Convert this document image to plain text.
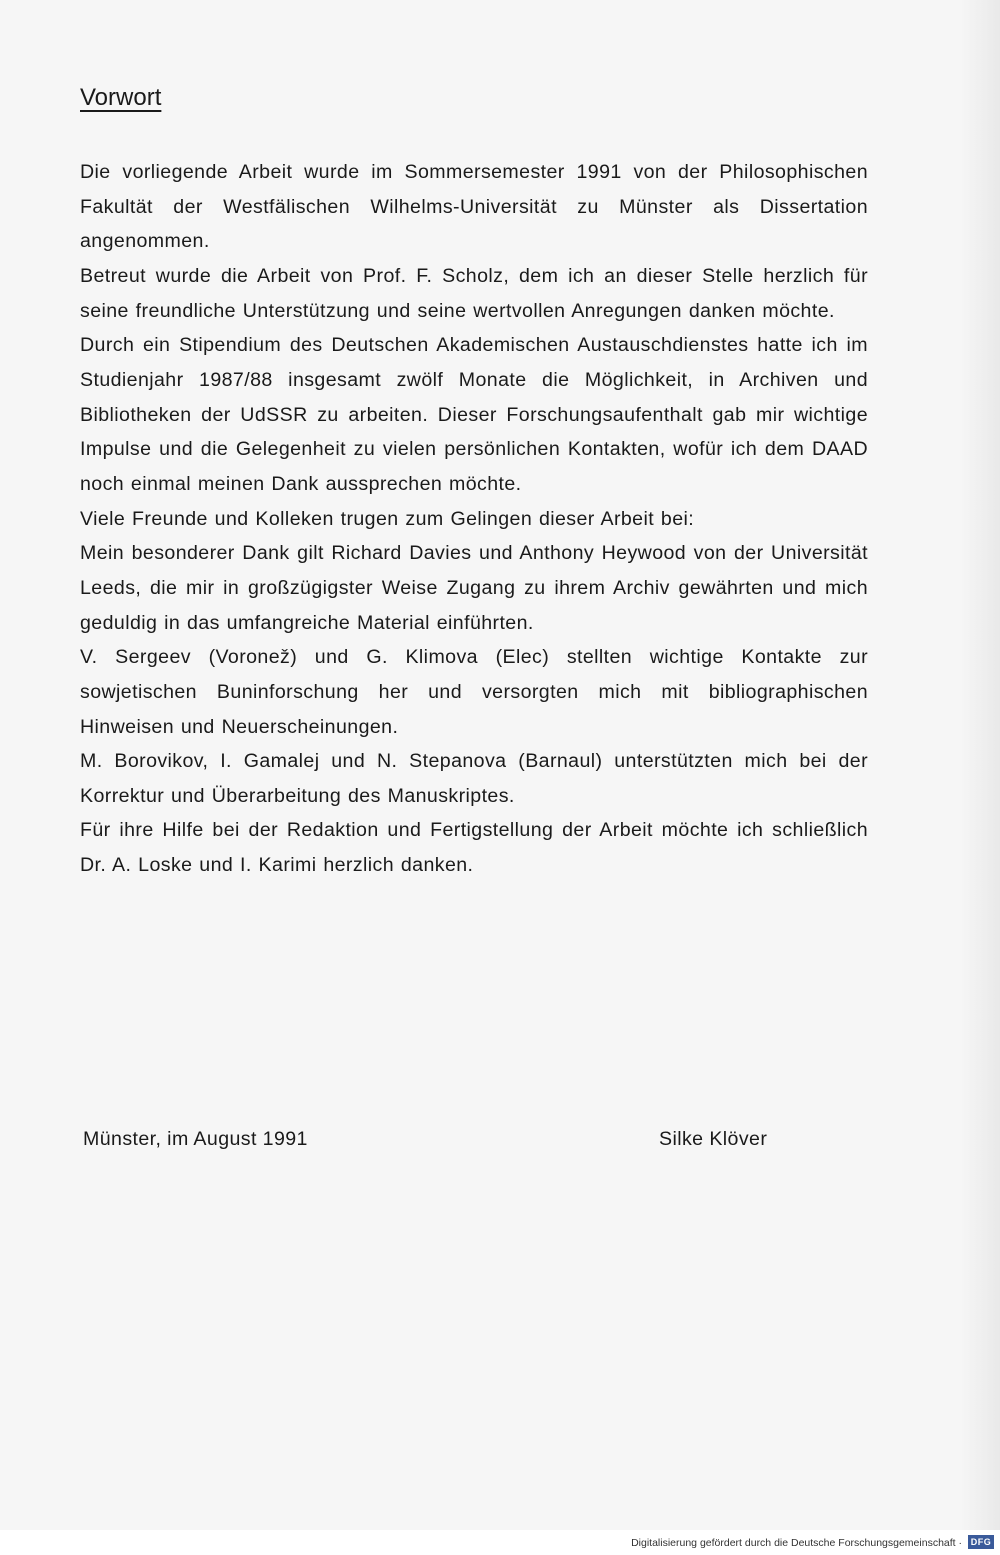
Vorwort

Die vorliegende Arbeit wurde im Sommersemester 1991 von der Philosophischen Fakultät der Westfälischen Wilhelms-Universität zu Münster als Dissertation angenommen.

Betreut wurde die Arbeit von Prof. F. Scholz, dem ich an dieser Stelle herzlich für seine freundliche Unterstützung und seine wertvollen Anregungen danken möchte.

Durch ein Stipendium des Deutschen Akademischen Austauschdienstes hatte ich im Studienjahr 1987/88 insgesamt zwölf Monate die Möglichkeit, in Archiven und Bibliotheken der UdSSR zu arbeiten. Dieser Forschungsaufenthalt gab mir wichtige Impulse und die Gelegenheit zu vielen persönlichen Kontakten, wofür ich dem DAAD noch einmal meinen Dank aussprechen möchte.

Viele Freunde und Kolleken trugen zum Gelingen dieser Arbeit bei:

Mein besonderer Dank gilt Richard Davies und Anthony Heywood von der Universität Leeds, die mir in großzügigster Weise Zugang zu ihrem Archiv gewährten und mich geduldig in das umfangreiche Material einführten.

V. Sergeev (Voronež) und G. Klimova (Elec) stellten wichtige Kontakte zur sowjetischen Buninforschung her und versorgten mich mit bibliographischen Hinweisen und Neuerscheinungen.

M. Borovikov, I. Gamalej und N. Stepanova (Barnaul) unterstützten mich bei der Korrektur und Überarbeitung des Manuskriptes.

Für ihre Hilfe bei der Redaktion und Fertigstellung der Arbeit möchte ich schließlich Dr. A. Loske und I. Karimi herzlich danken.

Münster, im August 1991	Silke Klöver
Digitalisierung gefördert durch die Deutsche Forschungsgemeinschaft · DFG
